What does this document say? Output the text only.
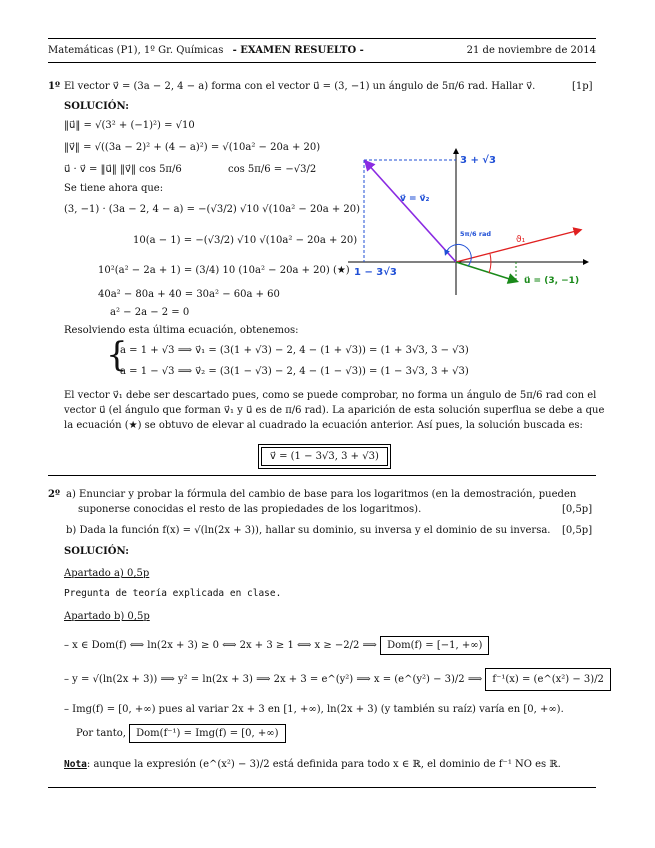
Matemáticas (P1), 1º Gr. Químicas - EXAMEN RESUELTO -	21 de noviembre de 2014
1º El vector v⃗ = (3a − 2, 4 − a) forma con el vector u⃗ = (3, −1) un ángulo de 5π/6 rad. Hallar v⃗.	[1p]
SOLUCIÓN:
‖u⃗‖ = √(3² + (−1)²) = √10
‖v⃗‖ = √((3a − 2)² + (4 − a)²) = √(10a² − 20a + 20)
u⃗ · v⃗ = ‖u⃗‖ ‖v⃗‖ cos 5π/6	cos 5π/6 = −√3/2
Se tiene ahora que:
(3, −1) · (3a − 2, 4 − a) = −(√3/2) √10 √(10a² − 20a + 20)
10(a − 1) = −(√3/2) √10 √(10a² − 20a + 20)
10²(a² − 2a + 1) = (3/4) 10 (10a² − 20a + 20) (★)
40a² − 80a + 40 = 30a² − 60a + 60
a² − 2a − 2 = 0
Resolviendo esta última ecuación, obtenemos:
{
a = 1 + √3 ⟹ v⃗₁ = (3(1 + √3) − 2, 4 − (1 + √3)) = (1 + 3√3, 3 − √3)
a = 1 − √3 ⟹ v⃗₂ = (3(1 − √3) − 2, 4 − (1 − √3)) = (1 − 3√3, 3 + √3)
El vector v⃗₁ debe ser descartado pues, como se puede comprobar, no forma un ángulo de 5π/6 rad con el
vector u⃗ (el ángulo que forman v⃗₁ y u⃗ es de π/6 rad). La aparición de esta solución superflua se debe a que
la ecuación (★) se obtuvo de elevar al cuadrado la ecuación anterior. Así pues, la solución buscada es:
v⃗ = (1 − 3√3, 3 + √3)
3 + √3
1 − 3√3
v⃗ = v⃗₂
5π/6 rad
ϑ₁
u⃗ = (3, −1)
2º a) Enunciar y probar la fórmula del cambio de base para los logaritmos (en la demostración, pueden
suponerse conocidas el resto de las propiedades de los logaritmos).	[0,5p]
b) Dada la función f(x) = √(ln(2x + 3)), hallar su dominio, su inversa y el dominio de su inversa. [0,5p]
SOLUCIÓN:
Apartado a) 0,5p
Pregunta de teoría explicada en clase.
Apartado b) 0,5p
– x ∈ Dom(f) ⟺ ln(2x + 3) ≥ 0 ⟺ 2x + 3 ≥ 1 ⟺ x ≥ −2/2 ⟹ Dom(f) = [−1, +∞)
– y = √(ln(2x + 3)) ⟹ y² = ln(2x + 3) ⟹ 2x + 3 = e^(y²) ⟹ x = (e^(y²) − 3)/2 ⟹ f⁻¹(x) = (e^(x²) − 3)/2
– Img(f) = [0, +∞) pues al variar 2x + 3 en [1, +∞), ln(2x + 3) (y también su raíz) varía en [0, +∞).
Por tanto, Dom(f⁻¹) = Img(f) = [0, +∞)
Nota: aunque la expresión (e^(x²) − 3)/2 está definida para todo x ∈ ℝ, el dominio de f⁻¹ NO es ℝ.
